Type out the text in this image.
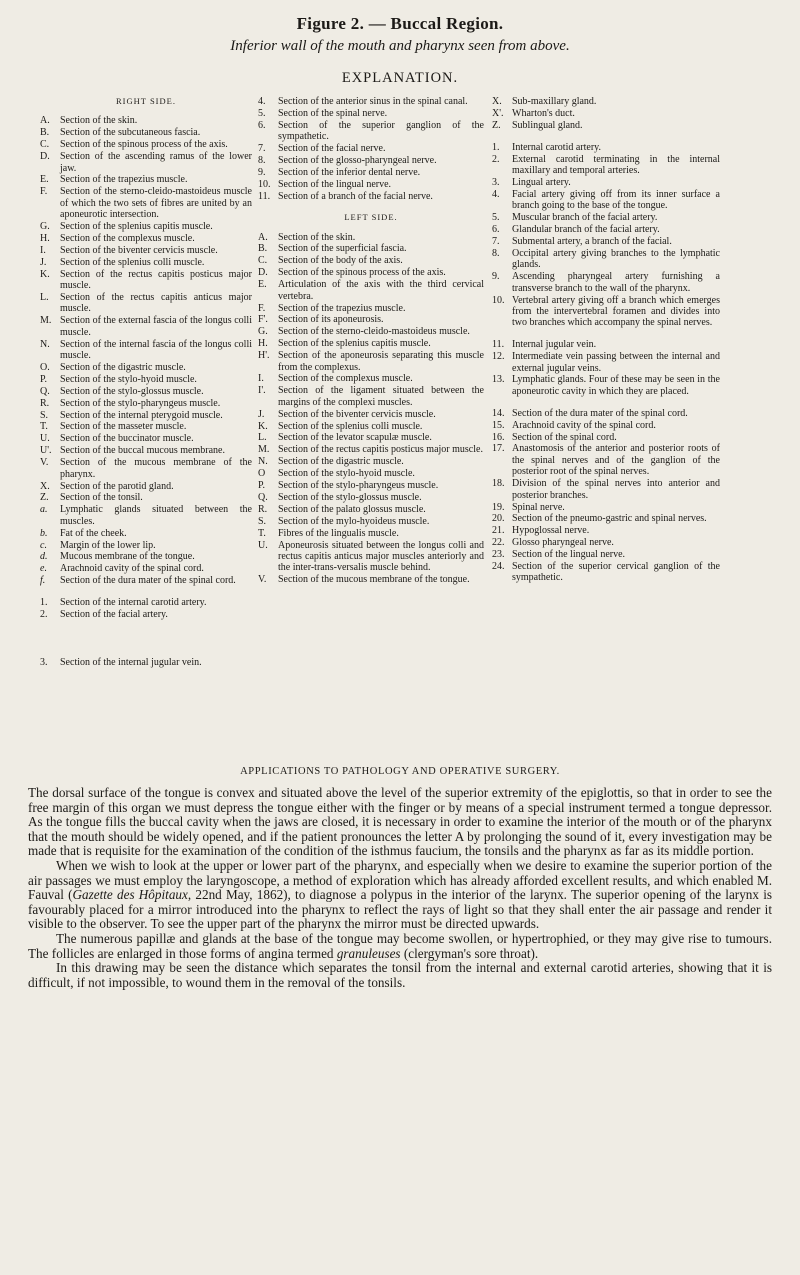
Figure 2. — Buccal Region.
Inferior wall of the mouth and pharynx seen from above.
EXPLANATION.
RIGHT SIDE.
A.	Section of the skin.
B.	Section of the subcutaneous fascia.
C.	Section of the spinous process of the axis.
D.	Section of the ascending ramus of the lower jaw.
E.	Section of the trapezius muscle.
F.	Section of the sterno-cleido-mastoideus muscle of which the two sets of fibres are united by an aponeurotic intersection.
G.	Section of the splenius capitis muscle.
H.	Section of the complexus muscle.
I.	Section of the biventer cervicis muscle.
J.	Section of the splenius colli muscle.
K.	Section of the rectus capitis posticus major muscle.
L.	Section of the rectus capitis anticus major muscle.
M. Section of the external fascia of the longus colli muscle.
N.	Section of the internal fascia of the longus colli muscle.
O.	Section of the digastric muscle.
P.	Section of the stylo-hyoid muscle.
Q.	Section of the stylo-glossus muscle.
R.	Section of the stylo-pharyngeus muscle.
S.	Section of the internal pterygoid muscle.
T.	Section of the masseter muscle.
U.	Section of the buccinator muscle.
U'. Section of the buccal mucous membrane.
V.	Section of the mucous membrane of the pharynx.
X.	Section of the parotid gland.
Z.	Section of the tonsil.
a.	Lymphatic glands situated between the muscles.
b.	Fat of the cheek.
c.	Margin of the lower lip.
d.	Mucous membrane of the tongue.
e.	Arachnoid cavity of the spinal cord.
f.	Section of the dura mater of the spinal cord.
1.	Section of the internal carotid artery.
2.	Section of the facial artery.
3.	Section of the internal jugular vein.
4.	Section of the anterior sinus in the spinal canal.
5.	Section of the spinal nerve.
6.	Section of the superior ganglion of the sympathetic.
7.	Section of the facial nerve.
8.	Section of the glosso-pharyngeal nerve.
9.	Section of the inferior dental nerve.
10. Section of the lingual nerve.
11. Section of a branch of the facial nerve.
LEFT SIDE.
A.	Section of the skin.
B.	Section of the superficial fascia.
C.	Section of the body of the axis.
D.	Section of the spinous process of the axis.
E.	Articulation of the axis with the third cervical vertebra.
F.	Section of the trapezius muscle.
F'.	Section of its aponeurosis.
G.	Section of the sterno-cleido-mastoideus muscle.
H.	Section of the splenius capitis muscle.
H'. Section of the aponeurosis separating this muscle from the complexus.
I.	Section of the complexus muscle.
I'.	Section of the ligament situated between the margins of the complexi muscles.
J.	Section of the biventer cervicis muscle.
K.	Section of the splenius colli muscle.
L.	Section of the levator scapulæ muscle.
M. Section of the rectus capitis posticus major muscle.
N.	Section of the digastric muscle.
O	Section of the stylo-hyoid muscle.
P.	Section of the stylo-pharyngeus muscle.
Q.	Section of the stylo-glossus muscle.
R.	Section of the palato glossus muscle.
S.	Section of the mylo-hyoideus muscle.
T.	Fibres of the lingualis muscle.
U.	Aponeurosis situated between the longus colli and rectus capitis anticus major muscles anteriorly and the inter-trans-versalis muscle behind.
V.	Section of the mucous membrane of the tongue.
X.	Sub-maxillary gland.
X'. Wharton's duct.
Z.	Sublingual gland.
1.	Internal carotid artery.
2.	External carotid terminating in the internal maxillary and temporal arteries.
3.	Lingual artery.
4.	Facial artery giving off from its inner surface a branch going to the base of the tongue.
5.	Muscular branch of the facial artery.
6.	Glandular branch of the facial artery.
7.	Submental artery, a branch of the facial.
8.	Occipital artery giving branches to the lymphatic glands.
9.	Ascending pharyngeal artery furnishing a transverse branch to the wall of the pharynx.
10. Vertebral artery giving off a branch which emerges from the intervertebral foramen and divides into two branches which accompany the spinal nerves.
11. Internal jugular vein.
12. Intermediate vein passing between the internal and external jugular veins.
13. Lymphatic glands. Four of these may be seen in the aponeurotic cavity in which they are placed.
14. Section of the dura mater of the spinal cord.
15. Arachnoid cavity of the spinal cord.
16. Section of the spinal cord.
17. Anastomosis of the anterior and posterior roots of the spinal nerves and of the ganglion of the posterior root of the spinal nerves.
18. Division of the spinal nerves into anterior and posterior branches.
19. Spinal nerve.
20. Section of the pneumo-gastric and spinal nerves.
21. Hypoglossal nerve.
22. Glosso pharyngeal nerve.
23. Section of the lingual nerve.
24. Section of the superior cervical ganglion of the sympathetic.
APPLICATIONS TO PATHOLOGY AND OPERATIVE SURGERY.

The dorsal surface of the tongue is convex and situated above the level of the superior extremity of the epiglottis, so that in order to see the free margin of this organ we must depress the tongue either with the finger or by means of a special instrument termed a tongue depressor. As the tongue fills the buccal cavity when the jaws are closed, it is necessary in order to examine the interior of the mouth or of the pharynx that the mouth should be widely opened, and if the patient pronounces the letter A by prolonging the sound of it, every investigation may be made that is requisite for the examination of the condition of the isthmus faucium, the tonsils and the pharynx as far as its middle portion.

When we wish to look at the upper or lower part of the pharynx, and especially when we desire to examine the superior portion of the air passages we must employ the laryngoscope, a method of exploration which has already afforded excellent results, and which enabled M. Fauval (Gazette des Hôpitaux, 22nd May, 1862), to diagnose a polypus in the interior of the larynx. The superior opening of the larynx is favourably placed for a mirror introduced into the pharynx to reflect the rays of light so that they shall enter the air passage and render it visible to the observer. To see the upper part of the pharynx the mirror must be directed upwards.

The numerous papillæ and glands at the base of the tongue may become swollen, or hypertrophied, or they may give rise to tumours. The follicles are enlarged in those forms of angina termed granuleuses (clergyman's sore throat).

In this drawing may be seen the distance which separates the tonsil from the internal and external carotid arteries, showing that it is difficult, if not impossible, to wound them in the removal of the tonsils.
